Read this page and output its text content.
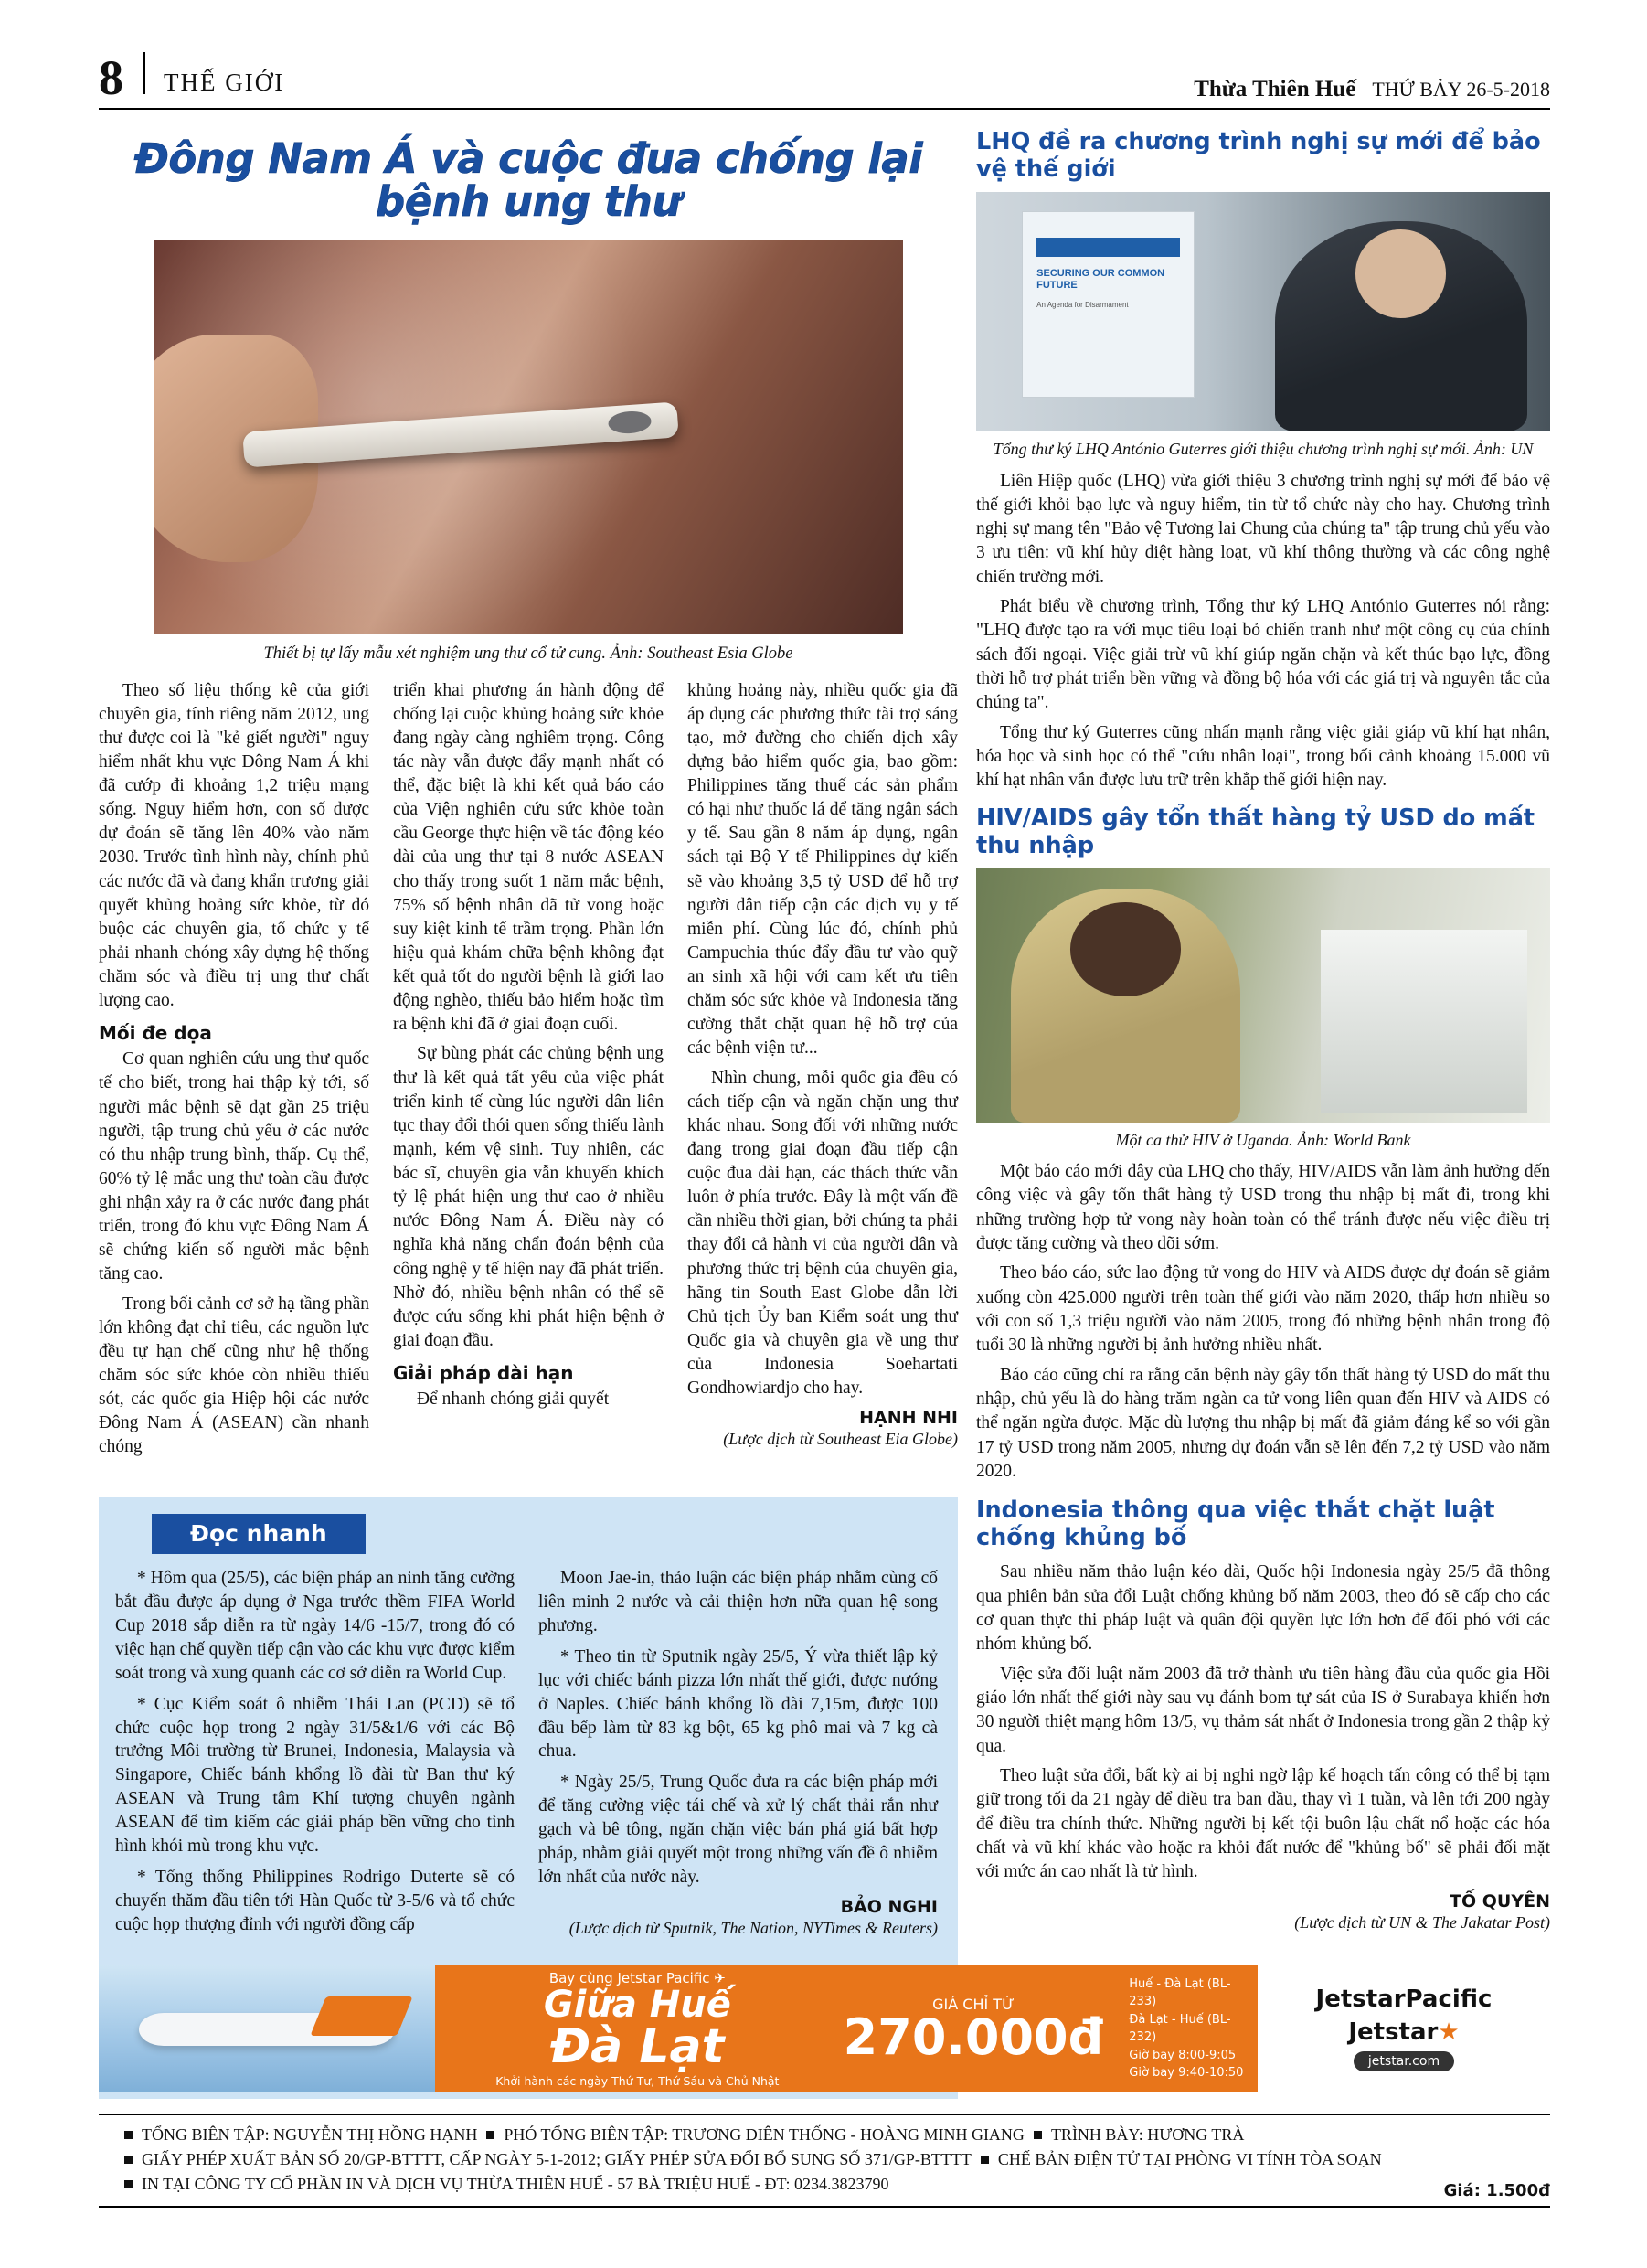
8	THẾ GIỚI	Thừa Thiên Huế THỨ BẢY 26-5-2018
Đông Nam Á và cuộc đua chống lại bệnh ung thư
Thiết bị tự lấy mẫu xét nghiệm ung thư cổ tử cung. Ảnh: Southeast Esia Globe

Theo số liệu thống kê của giới chuyên gia, tính riêng năm 2012, ung thư được coi là "kẻ giết người" nguy hiểm nhất khu vực Đông Nam Á khi đã cướp đi khoảng 1,2 triệu mạng sống. Nguy hiểm hơn, con số được dự đoán sẽ tăng lên 40% vào năm 2030. Trước tình hình này, chính phủ các nước đã và đang khẩn trương giải quyết khủng hoảng sức khỏe, từ đó buộc các chuyên gia, tổ chức y tế phải nhanh chóng xây dựng hệ thống chăm sóc và điều trị ung thư chất lượng cao.

Mối đe dọa

Cơ quan nghiên cứu ung thư quốc tế cho biết, trong hai thập kỷ tới, số người mắc bệnh sẽ đạt gần 25 triệu người, tập trung chủ yếu ở các nước có thu nhập trung bình, thấp. Cụ thể, 60% tỷ lệ mắc ung thư toàn cầu được ghi nhận xảy ra ở các nước đang phát triển, trong đó khu vực Đông Nam Á sẽ chứng kiến số người mắc bệnh tăng cao.

Trong bối cảnh cơ sở hạ tầng phần lớn không đạt chỉ tiêu, các nguồn lực đều tự hạn chế cũng như hệ thống chăm sóc sức khỏe còn nhiều thiếu sót, các quốc gia Hiệp hội các nước Đông Nam Á (ASEAN) cần nhanh chóng

triển khai phương án hành động để chống lại cuộc khủng hoảng sức khỏe đang ngày càng nghiêm trọng. Công tác này vẫn được đẩy mạnh nhất có thể, đặc biệt là khi kết quả báo cáo của Viện nghiên cứu sức khỏe toàn cầu George thực hiện về tác động kéo dài của ung thư tại 8 nước ASEAN cho thấy trong suốt 1 năm mắc bệnh, 75% số bệnh nhân đã tử vong hoặc suy kiệt kinh tế trầm trọng. Phần lớn hiệu quả khám chữa bệnh không đạt kết quả tốt do người bệnh là giới lao động nghèo, thiếu bảo hiểm hoặc tìm ra bệnh khi đã ở giai đoạn cuối.

Sự bùng phát các chủng bệnh ung thư là kết quả tất yếu của việc phát triển kinh tế cùng lúc người dân liên tục thay đổi thói quen sống thiếu lành mạnh, kém vệ sinh. Tuy nhiên, các bác sĩ, chuyên gia vẫn khuyến khích tỷ lệ phát hiện ung thư cao ở nhiều nước Đông Nam Á. Điều này có nghĩa khả năng chẩn đoán bệnh của công nghệ y tế hiện nay đã phát triển. Nhờ đó, nhiều bệnh nhân có thể sẽ được cứu sống khi phát hiện bệnh ở giai đoạn đầu.

Giải pháp dài hạn

Để nhanh chóng giải quyết

khủng hoảng này, nhiều quốc gia đã áp dụng các phương thức tài trợ sáng tạo, mở đường cho chiến dịch xây dựng bảo hiểm quốc gia, bao gồm: Philippines tăng thuế các sản phẩm có hại như thuốc lá để tăng ngân sách y tế. Sau gần 8 năm áp dụng, ngân sách tại Bộ Y tế Philippines dự kiến sẽ vào khoảng 3,5 tỷ USD để hỗ trợ người dân tiếp cận các dịch vụ y tế miễn phí. Cùng lúc đó, chính phủ Campuchia thúc đẩy đầu tư vào quỹ an sinh xã hội với cam kết ưu tiên chăm sóc sức khỏe và Indonesia tăng cường thắt chặt quan hệ hỗ trợ của các bệnh viện tư...

Nhìn chung, mỗi quốc gia đều có cách tiếp cận và ngăn chặn ung thư khác nhau. Song đối với những nước đang trong giai đoạn đầu tiếp cận cuộc đua dài hạn, các thách thức vẫn luôn ở phía trước. Đây là một vấn đề cần nhiều thời gian, bởi chúng ta phải thay đổi cả hành vi của người dân và phương thức trị bệnh của chuyên gia, hãng tin South East Globe dẫn lời Chủ tịch Ủy ban Kiểm soát ung thư Quốc gia và chuyên gia về ung thư của Indonesia Soehartati Gondhowiardjo cho hay.

HẠNH NHI
(Lược dịch từ Southeast Eia Globe)
Đọc nhanh

* Hôm qua (25/5), các biện pháp an ninh tăng cường bắt đầu được áp dụng ở Nga trước thềm FIFA World Cup 2018 sắp diễn ra từ ngày 14/6 -15/7, trong đó có việc hạn chế quyền tiếp cận vào các khu vực được kiểm soát trong và xung quanh các cơ sở diễn ra World Cup.

* Cục Kiểm soát ô nhiễm Thái Lan (PCD) sẽ tổ chức cuộc họp trong 2 ngày 31/5&1/6 với các Bộ trưởng Môi trường từ Brunei, Indonesia, Malaysia và Singapore, Chiếc bánh khổng lồ đài từ Ban thư ký ASEAN và Trung tâm Khí tượng chuyên ngành ASEAN để tìm kiếm các giải pháp bền vững cho tình hình khói mù trong khu vực.

* Tổng thống Philippines Rodrigo Duterte sẽ có chuyến thăm đầu tiên tới Hàn Quốc từ 3-5/6 và tổ chức cuộc họp thượng đỉnh với người đồng cấp

Moon Jae-in, thảo luận các biện pháp nhằm cùng cố liên minh 2 nước và cải thiện hơn nữa quan hệ song phương.

* Theo tin từ Sputnik ngày 25/5, Ý vừa thiết lập kỷ lục với chiếc bánh pizza lớn nhất thế giới, được nướng ở Naples. Chiếc bánh khổng lồ dài 7,15m, được 100 đầu bếp làm từ 83 kg bột, 65 kg phô mai và 7 kg cà chua.

* Ngày 25/5, Trung Quốc đưa ra các biện pháp mới để tăng cường việc tái chế và xử lý chất thải rắn như gạch và bê tông, ngăn chặn việc bán phá giá bất hợp pháp, nhằm giải quyết một trong những vấn đề ô nhiễm lớn nhất của nước này.

BẢO NGHI
(Lược dịch từ Sputnik, The Nation, NYTimes & Reuters)
LHQ đề ra chương trình nghị sự mới để bảo vệ thế giới
SECURING OUR COMMON FUTURE
An Agenda for Disarmament
Tổng thư ký LHQ António Guterres giới thiệu chương trình nghị sự mới. Ảnh: UN

Liên Hiệp quốc (LHQ) vừa giới thiệu 3 chương trình nghị sự mới để bảo vệ thế giới khỏi bạo lực và nguy hiểm, tin từ tổ chức này cho hay. Chương trình nghị sự mang tên "Bảo vệ Tương lai Chung của chúng ta" tập trung chủ yếu vào 3 ưu tiên: vũ khí hủy diệt hàng loạt, vũ khí thông thường và các công nghệ chiến trường mới.

Phát biểu về chương trình, Tổng thư ký LHQ António Guterres nói rằng: "LHQ được tạo ra với mục tiêu loại bỏ chiến tranh như một công cụ của chính sách đối ngoại. Việc giải trừ vũ khí giúp ngăn chặn và kết thúc bạo lực, đồng thời hỗ trợ phát triển bền vững và đồng bộ hóa với các giá trị và nguyên tắc của chúng ta".

Tổng thư ký Guterres cũng nhấn mạnh rằng việc giải giáp vũ khí hạt nhân, hóa học và sinh học có thể "cứu nhân loại", trong bối cảnh khoảng 15.000 vũ khí hạt nhân vẫn được lưu trữ trên khắp thế giới hiện nay.

HIV/AIDS gây tổn thất hàng tỷ USD do mất thu nhập
Một ca thử HIV ở Uganda. Ảnh: World Bank

Một báo cáo mới đây của LHQ cho thấy, HIV/AIDS vẫn làm ảnh hưởng đến công việc và gây tổn thất hàng tỷ USD trong thu nhập bị mất đi, trong khi những trường hợp tử vong này hoàn toàn có thể tránh được nếu việc điều trị được tăng cường và theo dõi sớm.

Theo báo cáo, sức lao động tử vong do HIV và AIDS được dự đoán sẽ giảm xuống còn 425.000 người trên toàn thế giới vào năm 2020, thấp hơn nhiều so với con số 1,3 triệu người vào năm 2005, trong đó những bệnh nhân trong độ tuổi 30 là những người bị ảnh hưởng nhiều nhất.

Báo cáo cũng chỉ ra rằng căn bệnh này gây tổn thất hàng tỷ USD do mất thu nhập, chủ yếu là do hàng trăm ngàn ca tử vong liên quan đến HIV và AIDS có thể ngăn ngừa được. Mặc dù lượng thu nhập bị mất đã giảm đáng kể so với gần 17 tỷ USD trong năm 2005, nhưng dự đoán vẫn sẽ lên đến 7,2 tỷ USD vào năm 2020.

Indonesia thông qua việc thắt chặt luật chống khủng bố

Sau nhiều năm thảo luận kéo dài, Quốc hội Indonesia ngày 25/5 đã thông qua phiên bản sửa đổi Luật chống khủng bố năm 2003, theo đó sẽ cấp cho các cơ quan thực thi pháp luật và quân đội quyền lực lớn hơn để đối phó với các nhóm khủng bố.

Việc sửa đổi luật năm 2003 đã trở thành ưu tiên hàng đầu của quốc gia Hồi giáo lớn nhất thế giới này sau vụ đánh bom tự sát của IS ở Surabaya khiến hơn 30 người thiệt mạng hôm 13/5, vụ thảm sát nhất ở Indonesia trong gần 2 thập kỷ qua.

Theo luật sửa đổi, bất kỳ ai bị nghi ngờ lập kế hoạch tấn công có thể bị tạm giữ trong tối đa 21 ngày để điều tra ban đầu, thay vì 1 tuần, và lên tới 200 ngày để điều tra chính thức. Những người bị kết tội buôn lậu chất nổ hoặc các hóa chất và vũ khí khác vào hoặc ra khỏi đất nước để "khủng bố" sẽ phải đối mặt với mức án cao nhất là tử hình.

TỐ QUYÊN
(Lược dịch từ UN & The Jakatar Post)
Bay cùng Jetstar Pacific ✈
Giữa Huế
Đà Lạt
Khởi hành các ngày Thứ Tư, Thứ Sáu và Chủ Nhật
GIÁ CHỈ TỪ
270.000đ
Huế - Đà Lạt (BL-233)
Đà Lạt - Huế (BL-232)
Giờ bay 8:00-9:05
Giờ bay 9:40-10:50
JetstarPacific
Jetstar★
jetstar.com
TỔNG BIÊN TẬP: NGUYỄN THỊ HỒNG HẠNH PHÓ TỔNG BIÊN TẬP: TRƯƠNG DIÊN THỐNG - HOÀNG MINH GIANG TRÌNH BÀY: HƯƠNG TRÀ
GIẤY PHÉP XUẤT BẢN SỐ 20/GP-BTTTT, CẤP NGÀY 5-1-2012; GIẤY PHÉP SỬA ĐỔI BỔ SUNG SỐ 371/GP-BTTTT CHẾ BẢN ĐIỆN TỬ TẠI PHÒNG VI TÍNH TÒA SOẠN
IN TẠI CÔNG TY CỔ PHẦN IN VÀ DỊCH VỤ THỪA THIÊN HUẾ - 57 BÀ TRIỆU HUẾ - ĐT: 0234.3823790	Giá: 1.500đ
